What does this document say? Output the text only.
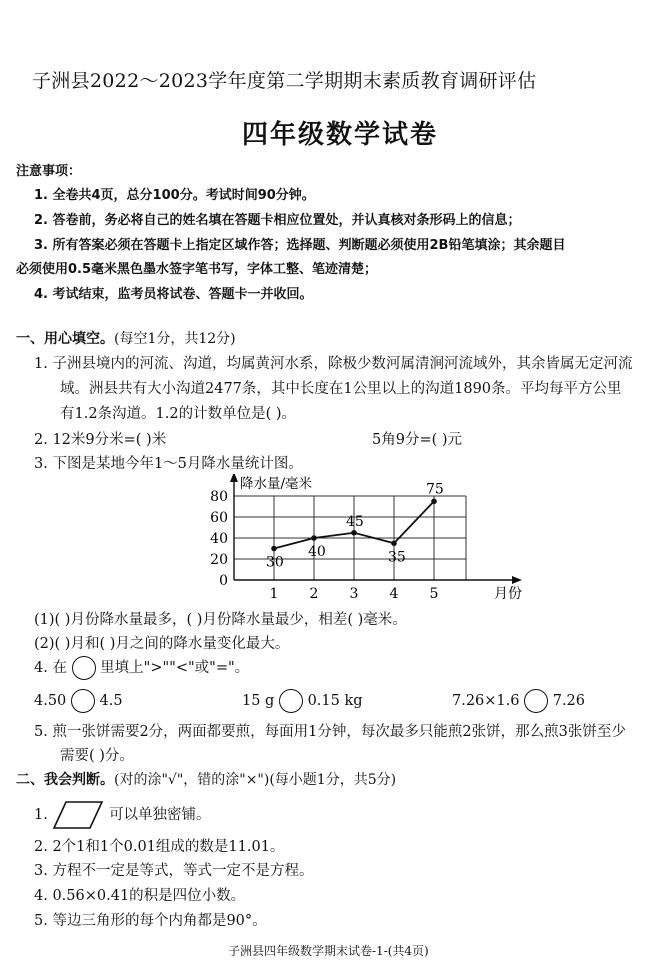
子洲县2022～2023学年度第二学期期末素质教育调研评估
四年级数学试卷
注意事项：
1. 全卷共4页，总分100分。考试时间90分钟。
2. 答卷前，务必将自己的姓名填在答题卡相应位置处，并认真核对条形码上的信息；
3. 所有答案必须在答题卡上指定区域作答；选择题、判断题必须使用2B铅笔填涂；其余题目
必须使用0.5毫米黑色墨水签字笔书写，字体工整、笔迹清楚；
4. 考试结束，监考员将试卷、答题卡一并收回。
一、用心填空。(每空1分，共12分)
1. 子洲县境内的河流、沟道，均属黄河水系，除极少数河属清涧河流域外，其余皆属无定河流
域。洲县共有大小沟道2477条，其中长度在1公里以上的沟道1890条。平均每平方公里
有1.2条沟道。1.2的计数单位是( )。
2. 12米9分米=( )米	5角9分=( )元
3. 下图是某地今年1～5月降水量统计图。
0
20
40
60
80
1 2 3 4 5
降水量/毫米
月份
30
40
45
35
75
(1)( )月份降水量最多，( )月份降水量最少，相差( )毫米。
(2)( )月和( )月之间的降水量变化最大。
4. 在 里填上">""<"或"="。
4.50 4.5	15 g 0.15 kg	7.26×1.6 7.26
5. 煎一张饼需要2分，两面都要煎，每面用1分钟，每次最多只能煎2张饼，那么煎3张饼至少
需要( )分。
二、我会判断。(对的涂"√"，错的涂"×")(每小题1分，共5分)
1.	可以单独密铺。
2. 2个1和1个0.01组成的数是11.01。
3. 方程不一定是等式，等式一定不是方程。
4. 0.56×0.41的积是四位小数。
5. 等边三角形的每个内角都是90°。
子洲县四年级数学期末试卷-1-(共4页)
